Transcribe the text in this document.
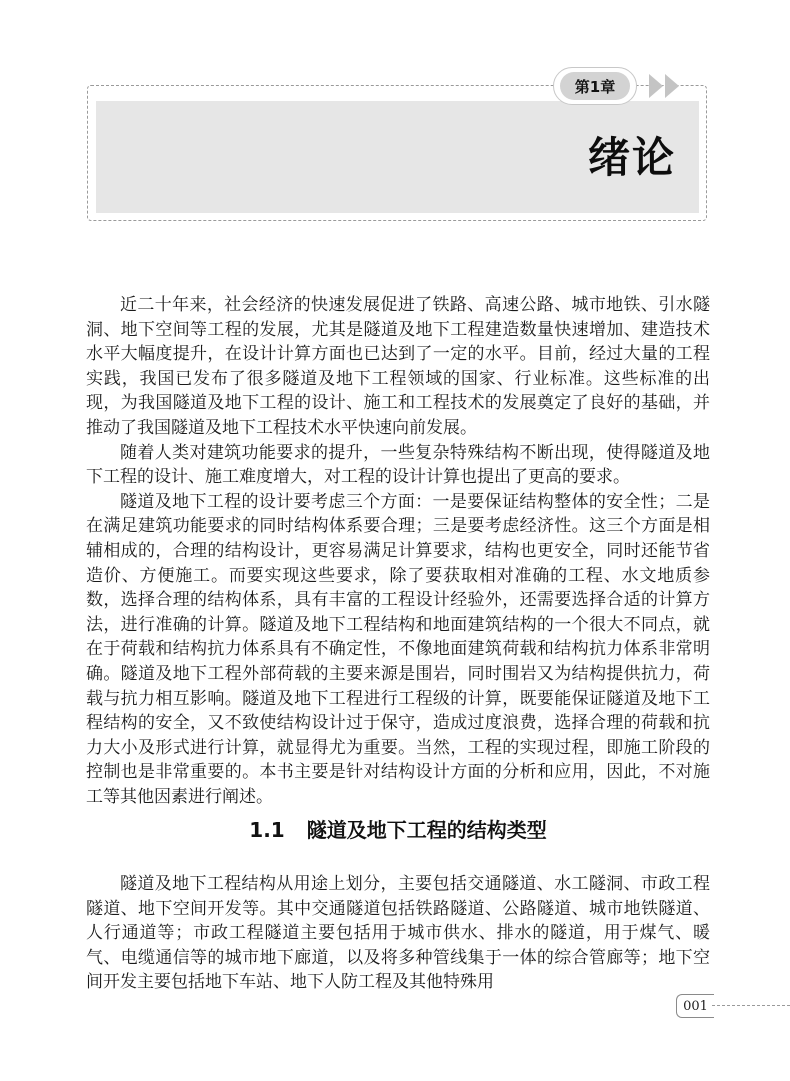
第1章
绪论

近二十年来，社会经济的快速发展促进了铁路、高速公路、城市地铁、引水隧洞、地下空间等工程的发展，尤其是隧道及地下工程建造数量快速增加、建造技术水平大幅度提升，在设计计算方面也已达到了一定的水平。目前，经过大量的工程实践，我国已发布了很多隧道及地下工程领域的国家、行业标准。这些标准的出现，为我国隧道及地下工程的设计、施工和工程技术的发展奠定了良好的基础，并推动了我国隧道及地下工程技术水平快速向前发展。

随着人类对建筑功能要求的提升，一些复杂特殊结构不断出现，使得隧道及地下工程的设计、施工难度增大，对工程的设计计算也提出了更高的要求。

隧道及地下工程的设计要考虑三个方面：一是要保证结构整体的安全性；二是在满足建筑功能要求的同时结构体系要合理；三是要考虑经济性。这三个方面是相辅相成的，合理的结构设计，更容易满足计算要求，结构也更安全，同时还能节省造价、方便施工。而要实现这些要求，除了要获取相对准确的工程、水文地质参数，选择合理的结构体系，具有丰富的工程设计经验外，还需要选择合适的计算方法，进行准确的计算。隧道及地下工程结构和地面建筑结构的一个很大不同点，就在于荷载和结构抗力体系具有不确定性，不像地面建筑荷载和结构抗力体系非常明确。隧道及地下工程外部荷载的主要来源是围岩，同时围岩又为结构提供抗力，荷载与抗力相互影响。隧道及地下工程进行工程级的计算，既要能保证隧道及地下工程结构的安全，又不致使结构设计过于保守，造成过度浪费，选择合理的荷载和抗力大小及形式进行计算，就显得尤为重要。当然，工程的实现过程，即施工阶段的控制也是非常重要的。本书主要是针对结构设计方面的分析和应用，因此，不对施工等其他因素进行阐述。

1.1 隧道及地下工程的结构类型

隧道及地下工程结构从用途上划分，主要包括交通隧道、水工隧洞、市政工程隧道、地下空间开发等。其中交通隧道包括铁路隧道、公路隧道、城市地铁隧道、人行通道等；市政工程隧道主要包括用于城市供水、排水的隧道，用于煤气、暖气、电缆通信等的城市地下廊道，以及将多种管线集于一体的综合管廊等；地下空间开发主要包括地下车站、地下人防工程及其他特殊用

001
